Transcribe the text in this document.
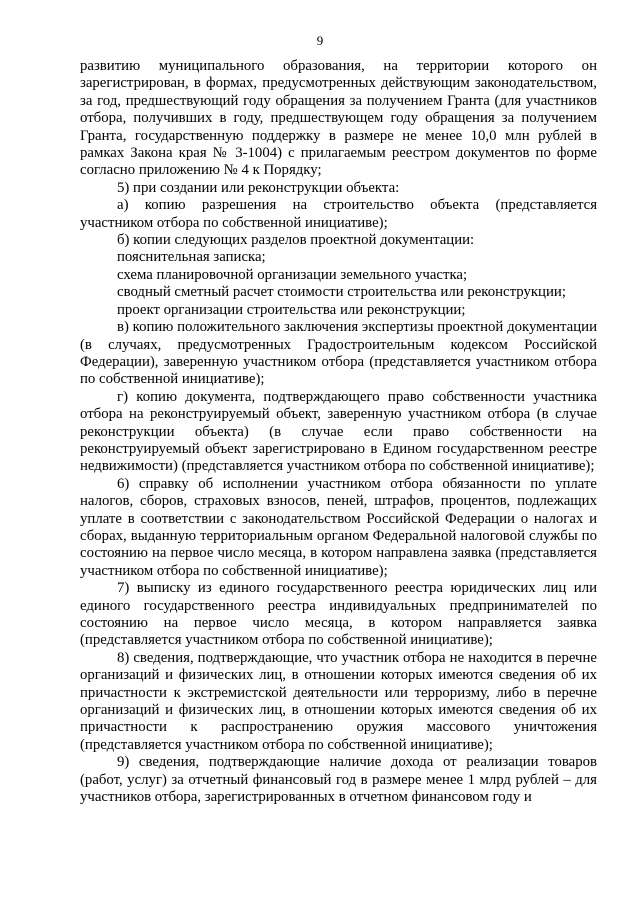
9

развитию муниципального образования, на территории которого он зарегистрирован, в формах, предусмотренных действующим законодательством, за год, предшествующий году обращения за получением Гранта (для участников отбора, получивших в году, предшествующем году обращения за получением Гранта, государственную поддержку в размере не менее 10,0 млн рублей в рамках Закона края № 3-1004) с прилагаемым реестром документов по форме согласно приложению № 4 к Порядку;

5) при создании или реконструкции объекта:

а) копию разрешения на строительство объекта (представляется участником отбора по собственной инициативе);

б) копии следующих разделов проектной документации:

пояснительная записка;

схема планировочной организации земельного участка;

сводный сметный расчет стоимости строительства или реконструкции;

проект организации строительства или реконструкции;

в) копию положительного заключения экспертизы проектной документации (в случаях, предусмотренных Градостроительным кодексом Российской Федерации), заверенную участником отбора (представляется участником отбора по собственной инициативе);

г) копию документа, подтверждающего право собственности участника отбора на реконструируемый объект, заверенную участником отбора (в случае реконструкции объекта) (в случае если право собственности на реконструируемый объект зарегистрировано в Едином государственном реестре недвижимости) (представляется участником отбора по собственной инициативе);

6) справку об исполнении участником отбора обязанности по уплате налогов, сборов, страховых взносов, пеней, штрафов, процентов, подлежащих уплате в соответствии с законодательством Российской Федерации о налогах и сборах, выданную территориальным органом Федеральной налоговой службы по состоянию на первое число месяца, в котором направлена заявка (представляется участником отбора по собственной инициативе);

7) выписку из единого государственного реестра юридических лиц или единого государственного реестра индивидуальных предпринимателей по состоянию на первое число месяца, в котором направляется заявка (представляется участником отбора по собственной инициативе);

8) сведения, подтверждающие, что участник отбора не находится в перечне организаций и физических лиц, в отношении которых имеются сведения об их причастности к экстремистской деятельности или терроризму, либо в перечне организаций и физических лиц, в отношении которых имеются сведения об их причастности к распространению оружия массового уничтожения (представляется участником отбора по собственной инициативе);

9) сведения, подтверждающие наличие дохода от реализации товаров (работ, услуг) за отчетный финансовый год в размере менее 1 млрд рублей – для участников отбора, зарегистрированных в отчетном финансовом году и
